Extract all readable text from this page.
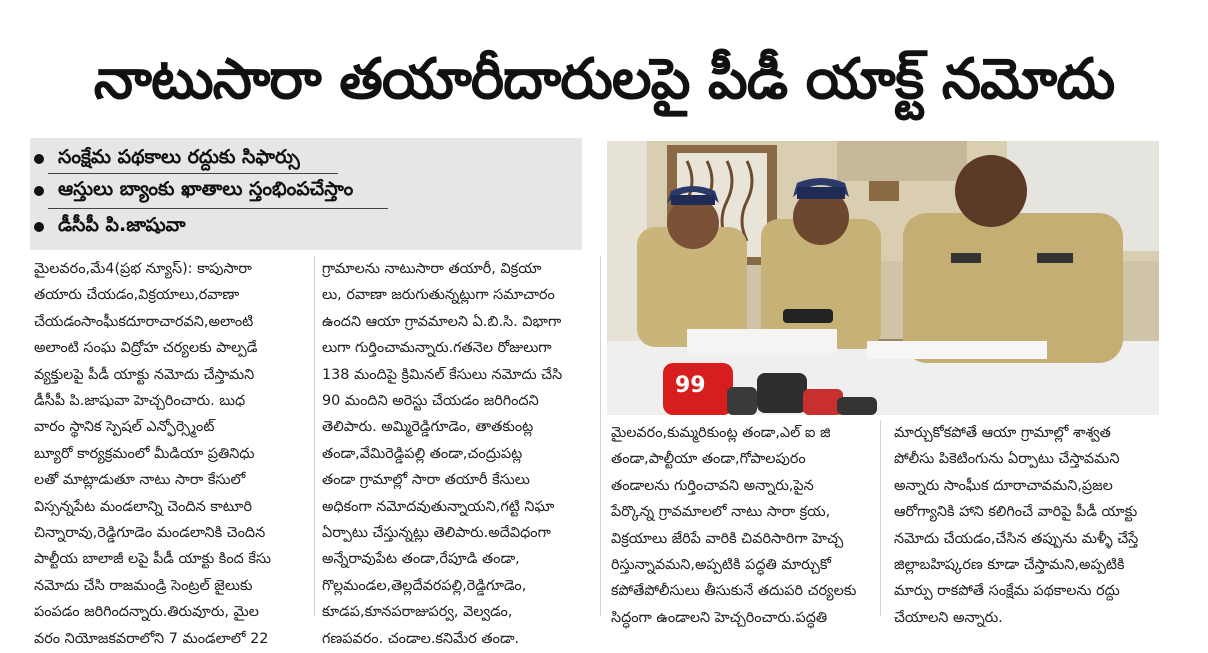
నాటుసారా తయారీదారులపై పీడీ యాక్ట్ నమోదు
సంక్షేమ పథకాలు రద్దుకు సిఫార్సు
ఆస్తులు బ్యాంకు ఖాతాలు స్తంభింపచేస్తాం
డీసీపీ పి.జాషువా

మైలవరం,మే4(ప్రభ న్యూస్): కాపుసారా

తయారు చేయడం,విక్రయాలు,రవాణా

చేయడంసాంఘీకదూరాచారవని,అలాంటి

అలాంటి సంఘ విద్రోహ చర్యలకు పాల్పడే

వ్యక్తులపై పీడీ యాక్టు నమోదు చేస్తామని

డీసీపీ పి.జాషువా హెచ్చరించారు. బుధ

వారం స్థానిక స్పెషల్ ఎన్ఫోర్స్మెంట్

బ్యూరో కార్యక్రమంలో మీడియా ప్రతినిధు

లతో మాట్లాడుతూ నాటు సారా కేసులో

విస్సన్నపేట మండలాన్ని చెందిన కాటూరి

చిన్నారావు,రెడ్డిగూడెం మండలానికి చెందిన

పాల్టీయ బాలాజీ లపై పీడీ యాక్టు కింద కేసు

నమోదు చేసి రాజమండ్రి సెంట్రల్ జైలుకు

పంపడం జరిగిందన్నారు.తిరువూరు, మైల

వరం నియోజకవరాలోని 7 మండలాలో 22

గ్రామాలను నాటుసారా తయారీ, విక్రయా

లు, రవాణా జరుగుతున్నట్లుగా సమాచారం

ఉందని ఆయా గ్రావమాలని ఏ.బి.సి. విభాగా

లుగా గుర్తించామన్నారు.గతనెల రోజులుగా

138 మందిపై క్రిమినల్ కేసులు నమోదు చేసి

90 మందిని అరెస్టు చేయడం జరిగిందని

తెలిపారు. అమ్మిరెడ్డిగూడెం, తాతకుంట్ల

తండా,వేమిరెడ్డిపల్లి తండా,చంద్రుపట్ల

తండా గ్రామాల్లో సారా తయారీ కేసులు

అధికంగా నమోదవుతున్నాయని,గట్టి నిఘా

ఏర్పాటు చేస్తున్నట్లు తెలిపారు.అదేవిధంగా

అన్నేరావుపేట తండా,రేపూడి తండా,

గొల్లమండల,తెల్లదేవరపల్లి,రెడ్డిగూడెం,

కూడప,కూనపరాజుపర్వ, వెల్వడం,

గణపవరం. చండాల.కనిమేర తండా.

99

మైలవరం,కుమ్మరికుంట్ల తండా,ఎల్ ఐ జి

తండా,పాల్టీయా తండా,గోపాలపురం

తండాలను గుర్తించావని అన్నారు,పైన

పేర్కొన్న గ్రావమాలలో నాటు సారా క్రయ,

విక్రయాలు జేరిపే వారికి చివరిసారిగా హెచ్చ

రిస్తున్నావమని,అప్పటికి పద్ధతి మార్చుకో

కపోతేపోలీసులు తీసుకునే తదుపరి చర్యలకు

సిద్ధంగా ఉండాలని హెచ్చరించారు.పద్ధతి

మార్చుకోకపోతే ఆయా గ్రామాల్లో శాశ్వత

పోలీసు పికెటింగును ఏర్పాటు చేస్తావమని

అన్నారు సాంఘీక దూరాచావమని,ప్రజల

ఆరోగ్యానికి హాని కలిగించే వారిపై పీడీ యాక్టు

నమోదు చేయడం,చేసిన తప్పును మళ్ళీ చేస్తే

జిల్లాబహిష్కరణ కూడా చేస్తామని,అప్పటికి

మార్పు రాకపోతే సంక్షేమ పథకాలను రద్దు

చేయాలని అన్నారు.
